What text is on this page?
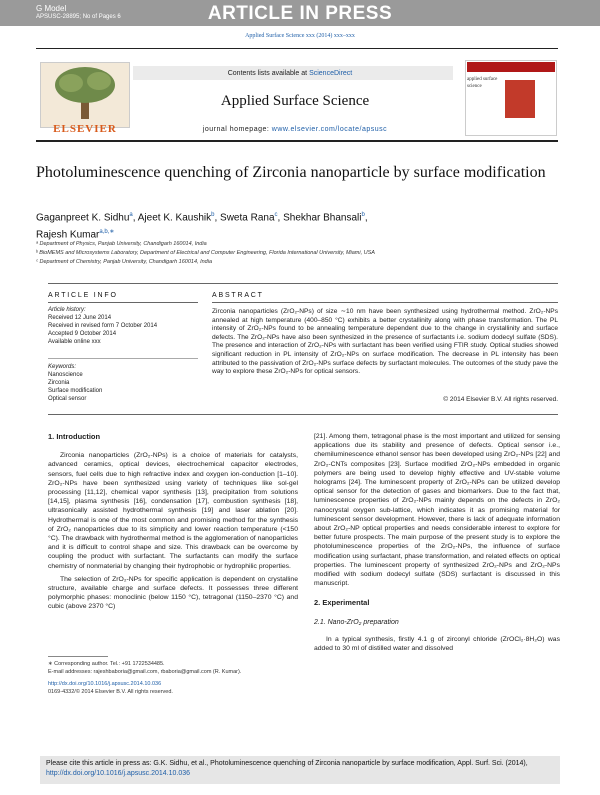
G Model
APSUSC-28895; No of Pages 6	ARTICLE IN PRESS
Applied Surface Science xxx (2014) xxx–xxx
ELSEVIER
Contents lists available at ScienceDirect
Applied Surface Science
journal homepage: www.elsevier.com/locate/apsusc
applied surface science
Photoluminescence quenching of Zirconia nanoparticle by surface modification
Gaganpreet K. Sidhu$^a$, Ajeet K. Kaushik$^b$, Sweta Rana$^c$, Shekhar Bhansali$^b$,
Rajesh Kumar$^{a,b,∗}$
ᵃ Department of Physics, Panjab University, Chandigarh 160014, India
ᵇ BioMEMS and Microsystems Laboratory, Department of Electrical and Computer Engineering, Florida International University, Miami, USA
ᶜ Department of Chemistry, Panjab University, Chandigarh 160014, India
ARTICLE INFO	ABSTRACT
Article history:
Received 12 June 2014
Received in revised form 7 October 2014
Accepted 9 October 2014
Available online xxx
Keywords:
Nanoscience
Zirconia
Surface modification
Optical sensor
Zirconia nanoparticles (ZrO₂-NPs) of size ∼10 nm have been synthesized using hydrothermal method. ZrO₂-NPs annealed at high temperature (400–850 °C) exhibits a better crystallinity along with phase transformation. The PL intensity of ZrO₂-NPs found to be annealing temperature dependent due to the change in crystallinity and surface defects. The ZrO₂-NPs have also been synthesized in the presence of surfactants i.e. sodium dodecyl sulfate (SDS). The presence and interaction of ZrO₂-NPs with surfactant has been verified using FTIR study. Optical studies showed significant reduction in PL intensity of ZrO₂-NPs on surface modification. The decrease in PL intensity has been attributed to the passivation of ZrO₂-NPs surface defects by surfactant molecules. The outcomes of the study pave the way to explore these ZrO₂-NPs for optical sensors.
© 2014 Elsevier B.V. All rights reserved.
1. Introduction

Zirconia nanoparticles (ZrO₂-NPs) is a choice of materials for catalysts, advanced ceramics, optical devices, electrochemical capacitor electrodes, sensors, fuel cells due to high refractive index and oxygen ion-conduction [1–10]. ZrO₂-NPs have been synthesized using variety of techniques like sol-gel processing [11,12], chemical vapor synthesis [13], precipitation from solutions [14,15], plasma synthesis [16], condensation [17], combustion synthesis [18], ultrasonically assisted hydrothermal synthesis [19] and laser ablation [20]. Hydrothermal is one of the most common and promising method for the synthesis of ZrO₂ nanoparticles due to its simplicity and lower reaction temperature (<150 °C). The drawback with hydrothermal method is the agglomeration of nanoparticles and it is difficult to control shape and size. This drawback can be overcome by coupling the product with surfactant. The surfactants can modify the surface chemistry of nonmaterial by changing their hydrophobic or hydrophilic properties.

The selection of ZrO₂-NPs for specific application is dependent on crystalline structure, available charge and surface defects. It possesses three different polymorphic phases: monoclinic (below 1150 °C), tetragonal (1150–2370 °C) and cubic (above 2370 °C)

[21]. Among them, tetragonal phase is the most important and utilized for sensing applications due its stability and presence of defects. Optical sensor i.e., chemiluminescence ethanol sensor has been developed using ZrO₂-NPs [22] and ZrO₂-CNTs composites [23]. Surface modified ZrO₂-NPs embedded in organic polymers are being used to develop highly effective and UV-stable volume holograms [24]. The luminescent property of ZrO₂-NPs can be utilized develop optical sensor for the detection of gases and biomarkers. Due to the fact that, luminescence properties of ZrO₂-NPs mainly depends on the defects in ZrO₂ nanocrystal oxygen sub-lattice, which indicates it as promising material for luminescent sensor development. However, there is lack of adequate information about ZrO₂-NP optical properties and needs considerable interest to explore for better future prospects. The main purpose of the present study is to explore the photoluminescence properties of the ZrO₂-NPs, the influence of surface modification using surfactant, phase transformation, and related effects on optical properties. The luminescent property of synthesized ZrO₂-NPs and ZrO₂-NPs modified with sodium dodecyl sulfate (SDS) surfactant is discussed in this manuscript.

2. Experimental
2.1. Nano-ZrO₂ preparation

In a typical synthesis, firstly 4.1 g of zirconyl chloride (ZrOCl₂·8H₂O) was added to 30 ml of distilled water and dissolved

∗ Corresponding author. Tel.: +91 1722534485.
E-mail addresses: rajeshbaboria@gmail.com, rbaboria@gmail.com (R. Kumar).
http://dx.doi.org/10.1016/j.apsusc.2014.10.036
0169-4332/© 2014 Elsevier B.V. All rights reserved.
Please cite this article in press as: G.K. Sidhu, et al., Photoluminescence quenching of Zirconia nanoparticle by surface modification, Appl. Surf. Sci. (2014), http://dx.doi.org/10.1016/j.apsusc.2014.10.036
